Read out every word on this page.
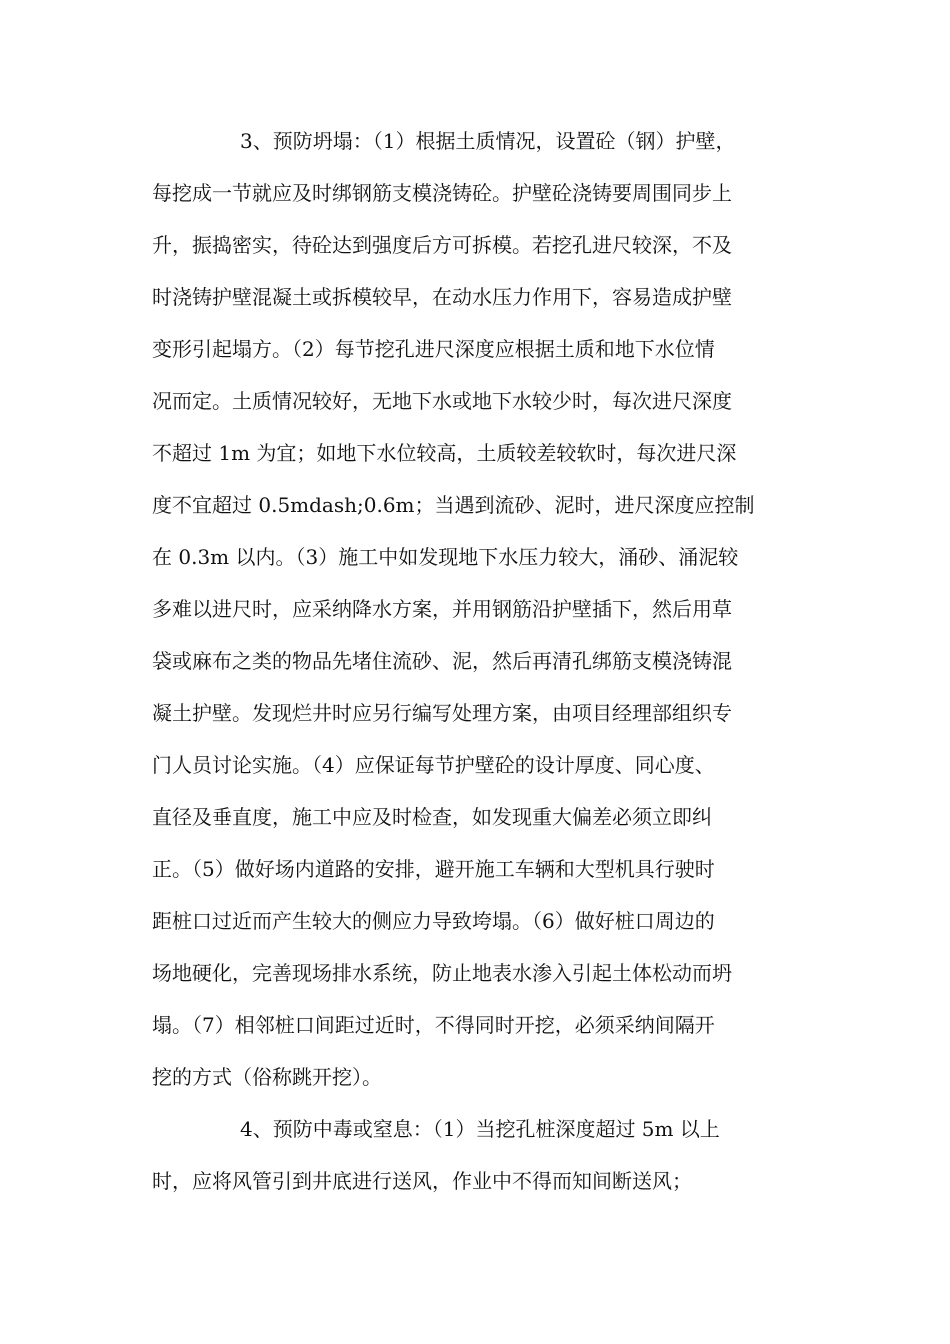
3、预防坍塌：（1）根据土质情况，设置砼（钢）护壁，
每挖成一节就应及时绑钢筋支模浇铸砼。护壁砼浇铸要周围同步上
升，振捣密实，待砼达到强度后方可拆模。若挖孔进尺较深，不及
时浇铸护壁混凝土或拆模较早，在动水压力作用下，容易造成护壁
变形引起塌方。（2）每节挖孔进尺深度应根据土质和地下水位情
况而定。土质情况较好，无地下水或地下水较少时，每次进尺深度
不超过 1m 为宜；如地下水位较高，土质较差较软时，每次进尺深
度不宜超过 0.5mdash;0.6m；当遇到流砂、泥时，进尺深度应控制
在 0.3m 以内。（3）施工中如发现地下水压力较大，涌砂、涌泥较
多难以进尺时，应采纳降水方案，并用钢筋沿护壁插下，然后用草
袋或麻布之类的物品先堵住流砂、泥，然后再清孔绑筋支模浇铸混
凝土护壁。发现烂井时应另行编写处理方案，由项目经理部组织专
门人员讨论实施。（4）应保证每节护壁砼的设计厚度、同心度、
直径及垂直度，施工中应及时检查，如发现重大偏差必须立即纠
正。（5）做好场内道路的安排，避开施工车辆和大型机具行驶时
距桩口过近而产生较大的侧应力导致垮塌。（6）做好桩口周边的
场地硬化，完善现场排水系统，防止地表水渗入引起土体松动而坍
塌。（7）相邻桩口间距过近时，不得同时开挖，必须采纳间隔开
挖的方式（俗称跳开挖）。
4、预防中毒或窒息：（1）当挖孔桩深度超过 5m 以上
时，应将风管引到井底进行送风，作业中不得而知间断送风；
